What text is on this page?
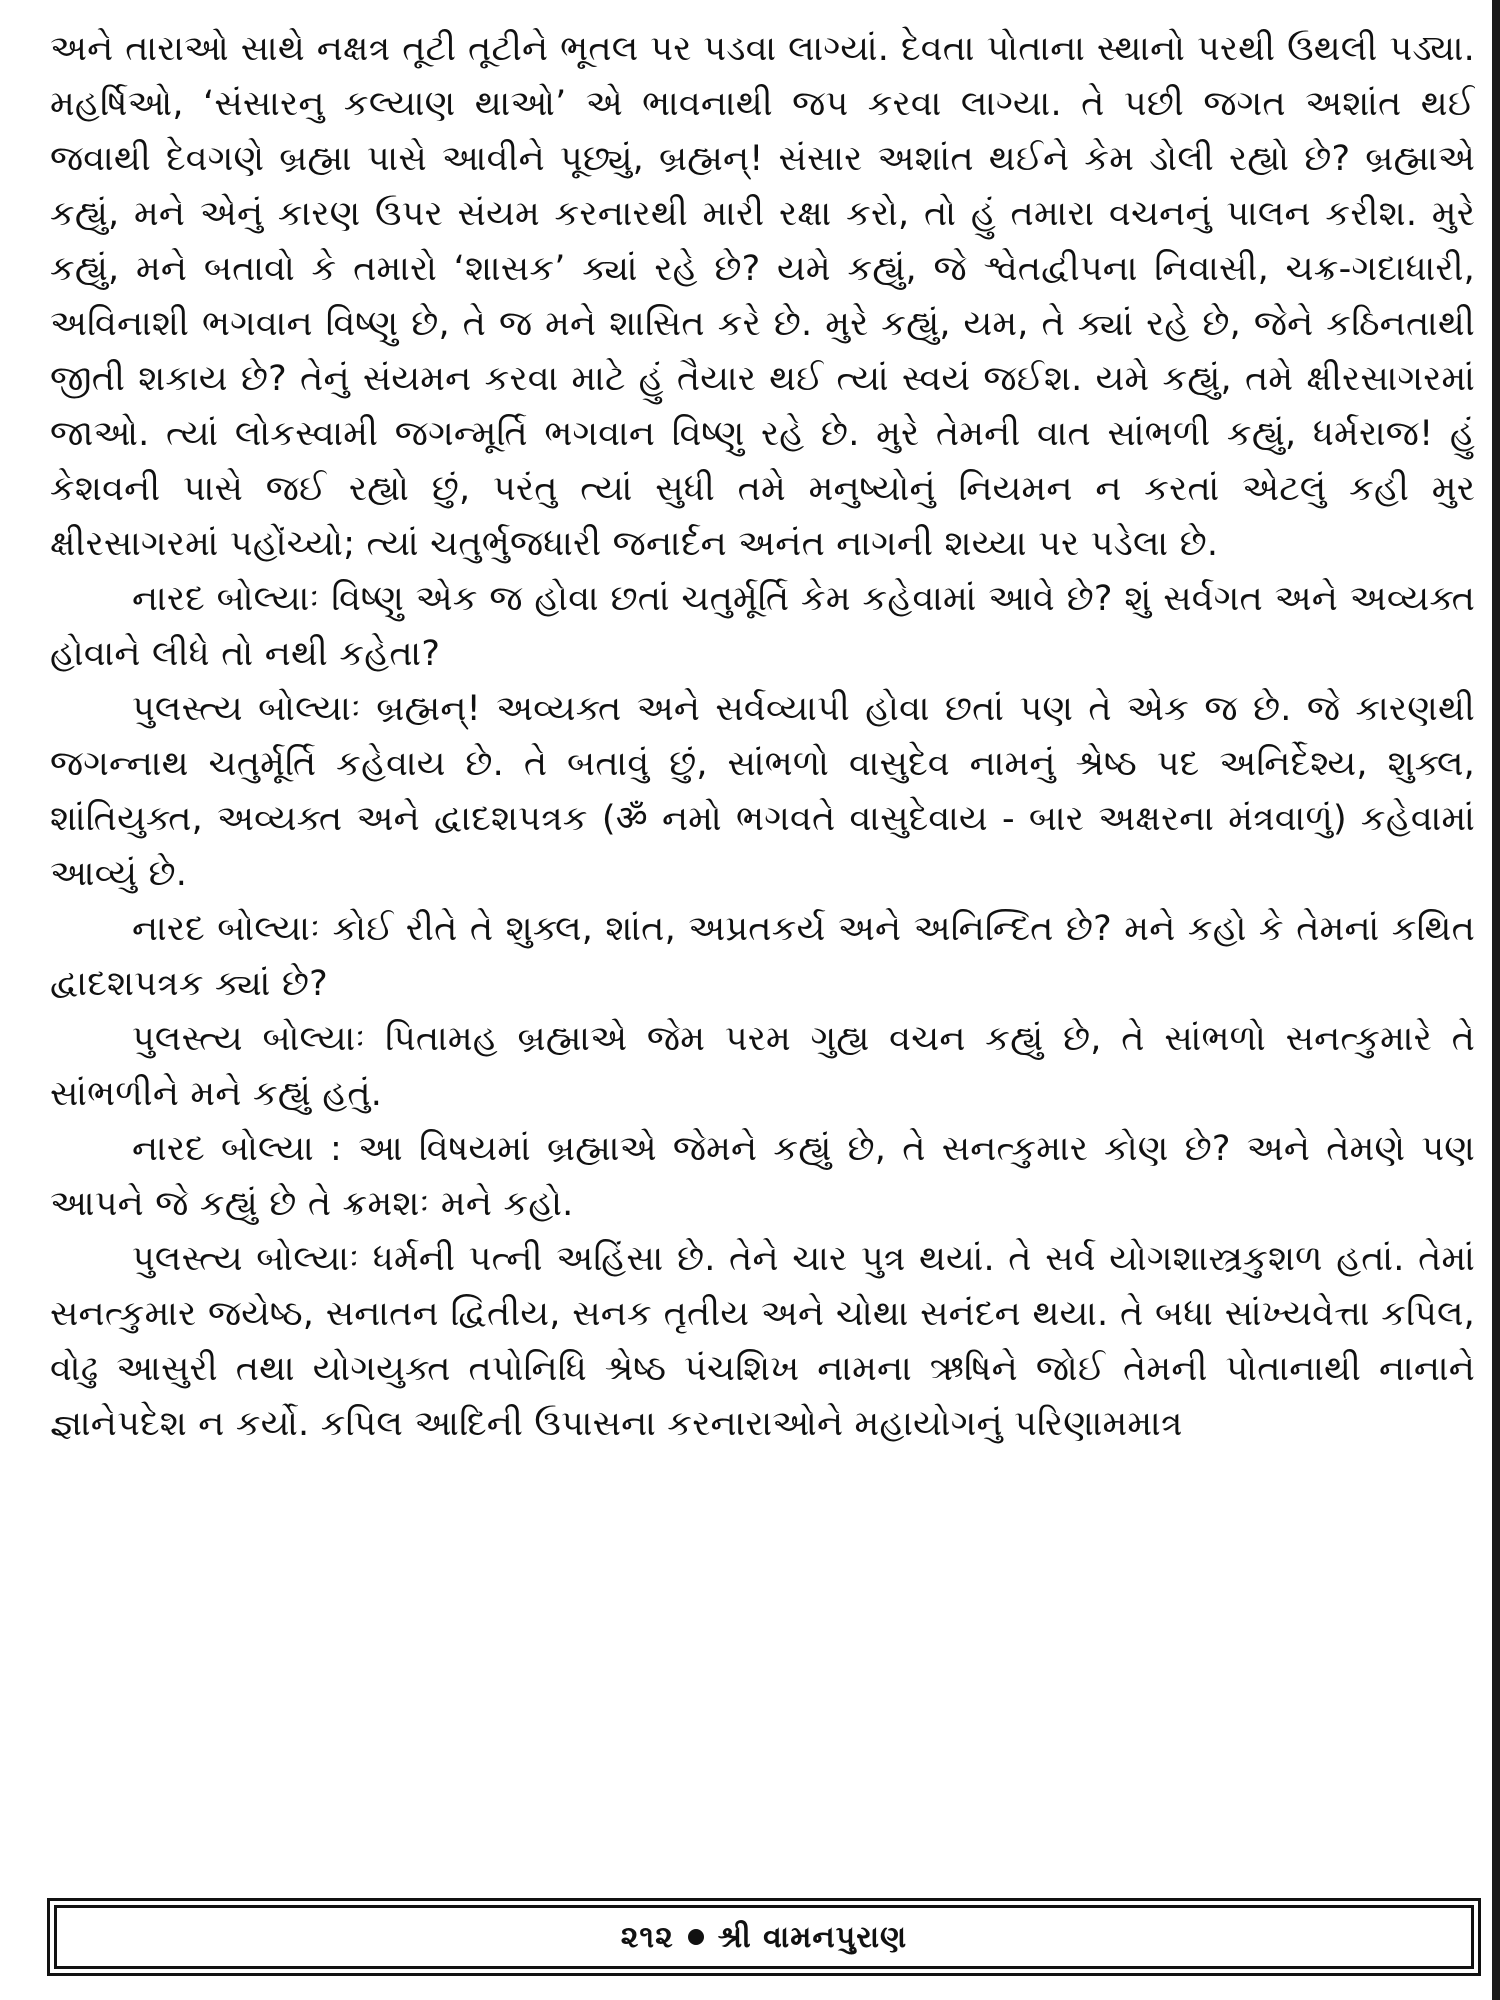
અને તારાઓ સાથે નક્ષત્ર તૂટી તૂટીને ભૂતલ પર પડવા લાગ્યાં. દેવતા પોતાના સ્થાનો પરથી ઉથલી પડ્યા. મહર્ષિઓ, ‘સંસારનુ કલ્યાણ થાઓ’ એ ભાવનાથી જપ કરવા લાગ્યા. તે પછી જગત અશાંત થઈ જવાથી દેવગણે બ્રહ્મા પાસે આવીને પૂછ્યું, બ્રહ્મન્! સંસાર અશાંત થઈને કેમ ડોલી રહ્યો છે? બ્રહ્માએ કહ્યું, મને એનું કારણ ઉપર સંયમ કરનારથી મારી રક્ષા કરો, તો હું તમારા વચનનું પાલન કરીશ. મુરે કહ્યું, મને બતાવો કે તમારો ‘શાસક’ ક્યાં રહે છે? યમે કહ્યું, જે શ્વેતદ્વીપના નિવાસી, ચક્ર-ગદાધારી, અવિનાશી ભગવાન વિષ્ણુ છે, તે જ મને શાસિત કરે છે. મુરે કહ્યું, યમ, તે ક્યાં રહે છે, જેને કઠિનતાથી જીતી શકાય છે? તેનું સંયમન કરવા માટે હું તૈયાર થઈ ત્યાં સ્વયં જઈશ. યમે કહ્યું, તમે ક્ષીરસાગરમાં જાઓ. ત્યાં લોકસ્વામી જગન્મૂર્તિ ભગવાન વિષ્ણુ રહે છે. મુરે તેમની વાત સાંભળી કહ્યું, ધર્મરાજ! હું કેશવની પાસે જઈ રહ્યો છું, પરંતુ ત્યાં સુધી તમે મનુષ્યોનું નિયમન ન કરતાં એટલું કહી મુર ક્ષીરસાગરમાં પહોંચ્યો; ત્યાં ચતુર્ભુજધારી જનાર્દન અનંત નાગની શય્યા પર પડેલા છે.

નારદ બોલ્યાઃ વિષ્ણુ એક જ હોવા છતાં ચતુર્મૂર્તિ કેમ કહેવામાં આવે છે? શું સર્વગત અને અવ્યક્ત હોવાને લીધે તો નથી કહેતા?

પુલસ્ત્ય બોલ્યાઃ બ્રહ્મન્! અવ્યક્ત અને સર્વવ્યાપી હોવા છતાં પણ તે એક જ છે. જે કારણથી જગન્નાથ ચતુર્મૂર્તિ કહેવાય છે. તે બતાવું છું, સાંભળો વાસુદેવ નામનું શ્રેષ્ઠ પદ અનિર્દેશ્ય, શુક્લ, શાંતિયુક્ત, અવ્યક્ત અને દ્વાદશપત્રક (ॐ નમો ભગવતે વાસુદેવાય - બાર અક્ષરના મંત્રવાળું) કહેવામાં આવ્યું છે.

નારદ બોલ્યાઃ કોઈ રીતે તે શુક્લ, શાંત, અપ્રતકર્ય અને અનિન્દિત છે? મને કહો કે તેમનાં કથિત દ્વાદશપત્રક ક્યાં છે?

પુલસ્ત્ય બોલ્યાઃ પિતામહ બ્રહ્માએ જેમ પરમ ગુહ્ય વચન કહ્યું છે, તે સાંભળો સનત્કુમારે તે સાંભળીને મને કહ્યું હતું.

નારદ બોલ્યા : આ વિષયમાં બ્રહ્માએ જેમને કહ્યું છે, તે સનત્કુમાર કોણ છે? અને તેમણે પણ આપને જે કહ્યું છે તે ક્રમશઃ મને કહો.

પુલસ્ત્ય બોલ્યાઃ ધર્મની પત્ની અહિંસા છે. તેને ચાર પુત્ર થયાં. તે સર્વ યોગશાસ્ત્રકુશળ હતાં. તેમાં સનત્કુમાર જયેષ્ઠ, સનાતન દ્વિતીય, સનક તૃતીય અને ચોથા સનંદન થયા. તે બધા સાંખ્યવેત્તા કપિલ, વોઢુ આસુરી તથા યોગયુક્ત તપોનિધિ શ્રેષ્ઠ પંચશિખ નામના ઋષિને જોઈ તેમની પોતાનાથી નાનાને જ્ઞાનેપદેશ ન કર્યો. કપિલ આદિની ઉપાસના કરનારાઓને મહાયોગનું પરિણામમાત્ર

૨૧૨ શ્રી વામનપુરાણ
